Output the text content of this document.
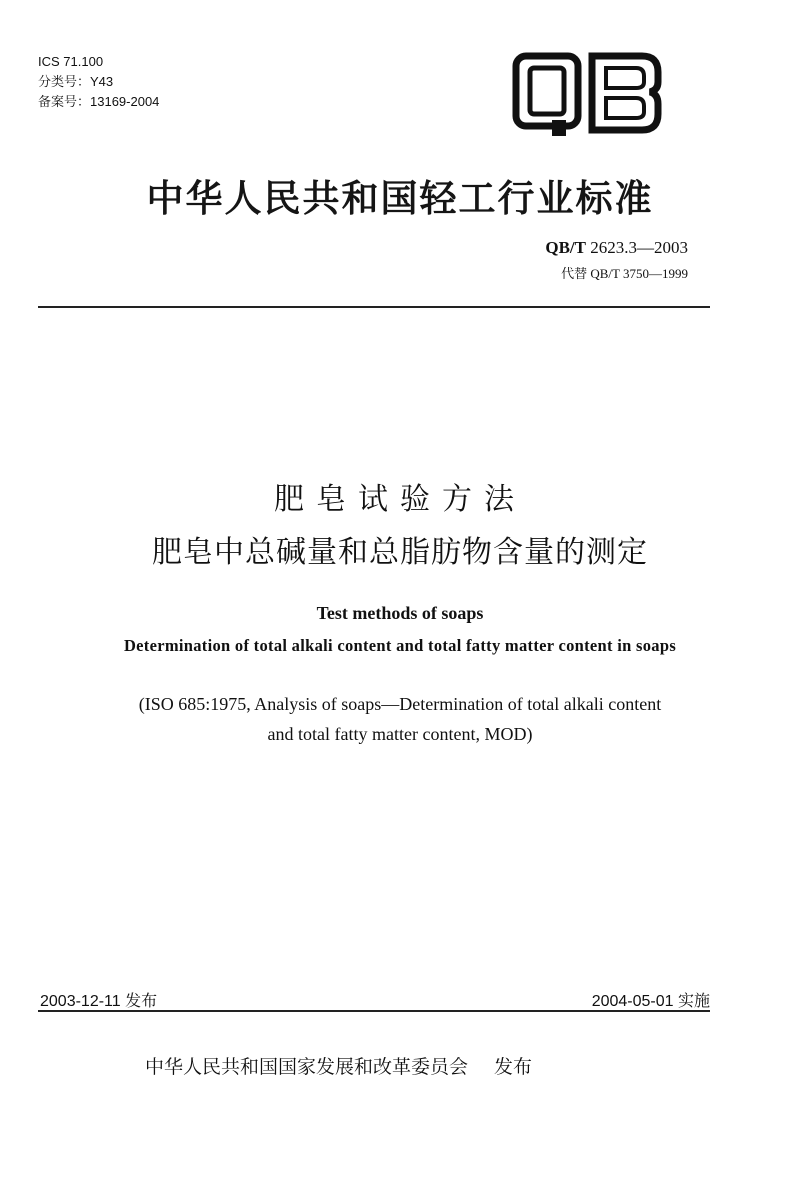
ICS 71.100
分类号：Y43
备案号：13169-2004
中华人民共和国轻工行业标准
QB/T 2623.3—2003
代替 QB/T 3750—1999
肥皂试验方法
肥皂中总碱量和总脂肪物含量的测定
Test methods of soaps
Determination of total alkali content and total fatty matter content in soaps
(ISO 685:1975, Analysis of soaps—Determination of total alkali content
and total fatty matter content, MOD)
2003-12-11 发布	2004-05-01 实施
中华人民共和国国家发展和改革委员会 发布
